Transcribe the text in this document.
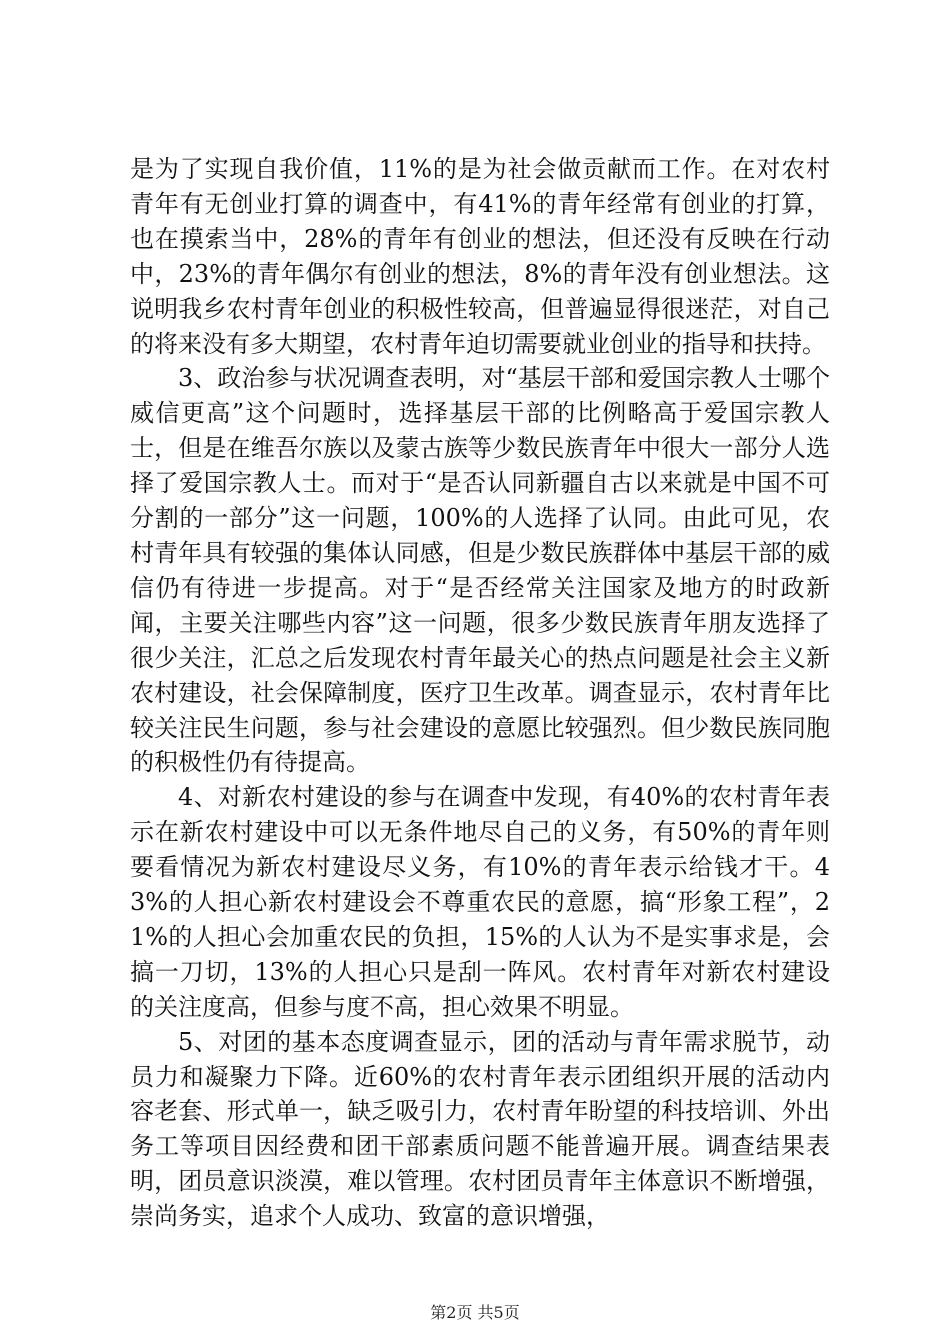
是为了实现自我价值，11%的是为社会做贡献而工作。在对农村青年有无创业打算的调查中，有41%的青年经常有创业的打算，也在摸索当中，28%的青年有创业的想法，但还没有反映在行动中，23%的青年偶尔有创业的想法，8%的青年没有创业想法。这说明我乡农村青年创业的积极性较高，但普遍显得很迷茫，对自己的将来没有多大期望，农村青年迫切需要就业创业的指导和扶持。

3、政治参与状况调查表明，对“基层干部和爱国宗教人士哪个威信更高”这个问题时，选择基层干部的比例略高于爱国宗教人士，但是在维吾尔族以及蒙古族等少数民族青年中很大一部分人选择了爱国宗教人士。而对于“是否认同新疆自古以来就是中国不可分割的一部分”这一问题，100%的人选择了认同。由此可见，农村青年具有较强的集体认同感，但是少数民族群体中基层干部的威信仍有待进一步提高。对于“是否经常关注国家及地方的时政新闻，主要关注哪些内容”这一问题，很多少数民族青年朋友选择了很少关注，汇总之后发现农村青年最关心的热点问题是社会主义新农村建设，社会保障制度，医疗卫生改革。调查显示，农村青年比较关注民生问题，参与社会建设的意愿比较强烈。但少数民族同胞的积极性仍有待提高。

4、对新农村建设的参与在调查中发现，有40%的农村青年表示在新农村建设中可以无条件地尽自己的义务，有50%的青年则要看情况为新农村建设尽义务，有10%的青年表示给钱才干。43%的人担心新农村建设会不尊重农民的意愿，搞“形象工程”，21%的人担心会加重农民的负担，15%的人认为不是实事求是，会搞一刀切，13%的人担心只是刮一阵风。农村青年对新农村建设的关注度高，但参与度不高，担心效果不明显。

5、对团的基本态度调查显示，团的活动与青年需求脱节，动员力和凝聚力下降。近60%的农村青年表示团组织开展的活动内容老套、形式单一，缺乏吸引力，农村青年盼望的科技培训、外出务工等项目因经费和团干部素质问题不能普遍开展。调查结果表明，团员意识淡漠，难以管理。农村团员青年主体意识不断增强，崇尚务实，追求个人成功、致富的意识增强，

第2页 共5页
